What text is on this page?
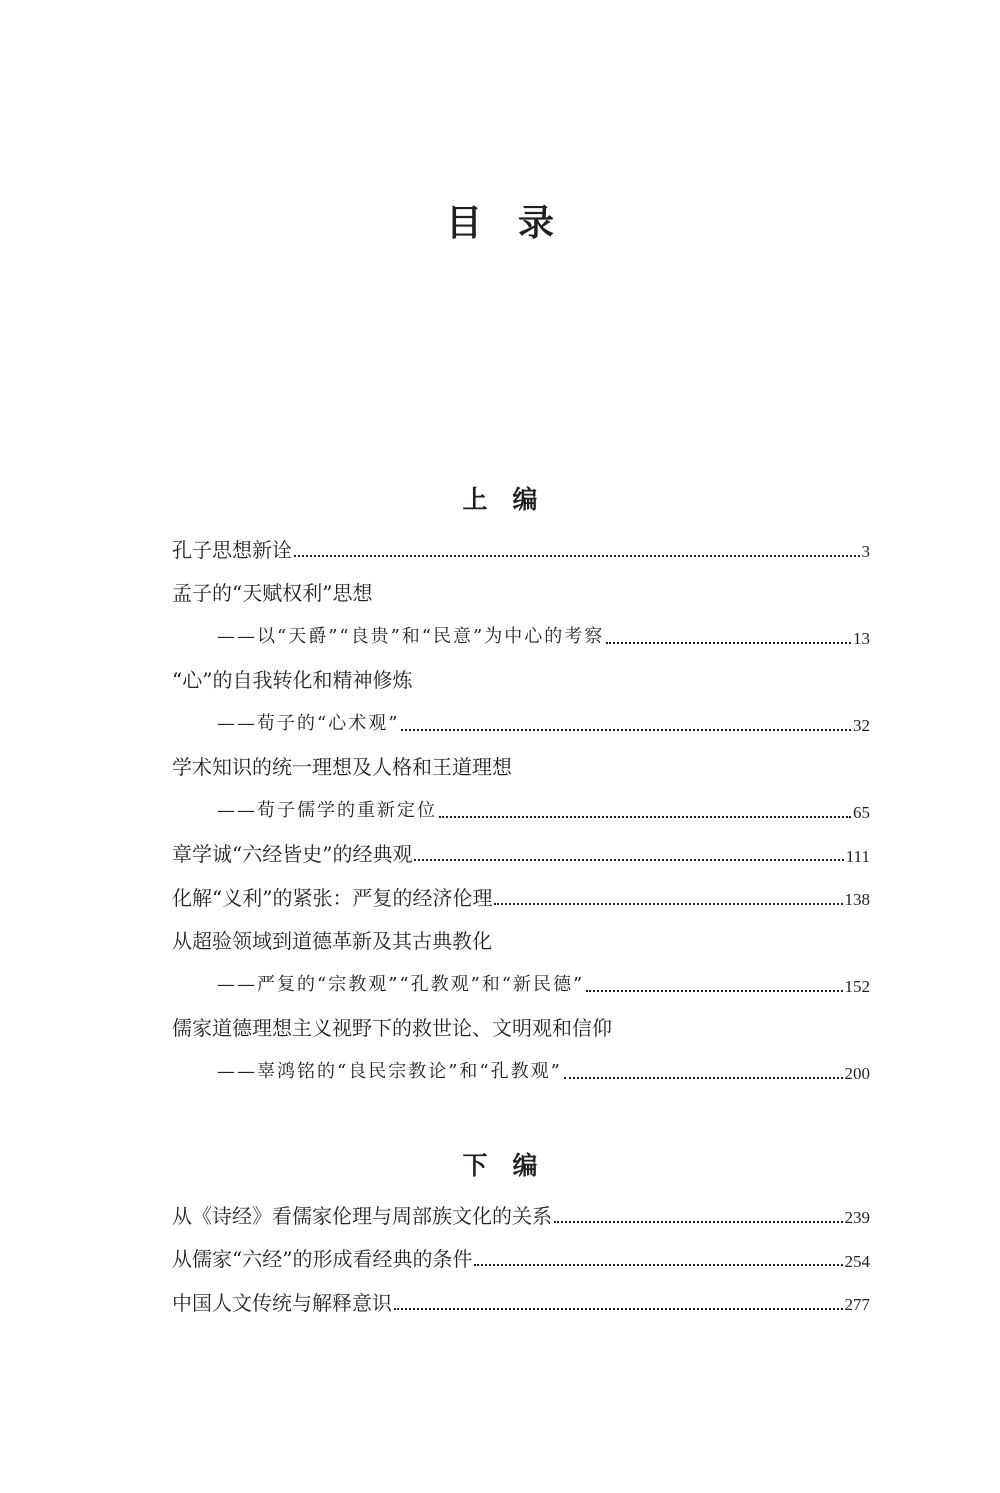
目　录
上　编
孔子思想新诠	3
孟子的“天赋权利”思想
——以“天爵”“良贵”和“民意”为中心的考察	13
“心”的自我转化和精神修炼
——荀子的“心术观”	32
学术知识的统一理想及人格和王道理想
——荀子儒学的重新定位	65
章学诚“六经皆史”的经典观	111
化解“义利”的紧张：严复的经济伦理	138
从超验领域到道德革新及其古典教化
——严复的“宗教观”“孔教观”和“新民德”	152
儒家道德理想主义视野下的救世论、文明观和信仰
——辜鸿铭的“良民宗教论”和“孔教观”	200
下　编
从《诗经》看儒家伦理与周部族文化的关系	239
从儒家“六经”的形成看经典的条件	254
中国人文传统与解释意识	277
